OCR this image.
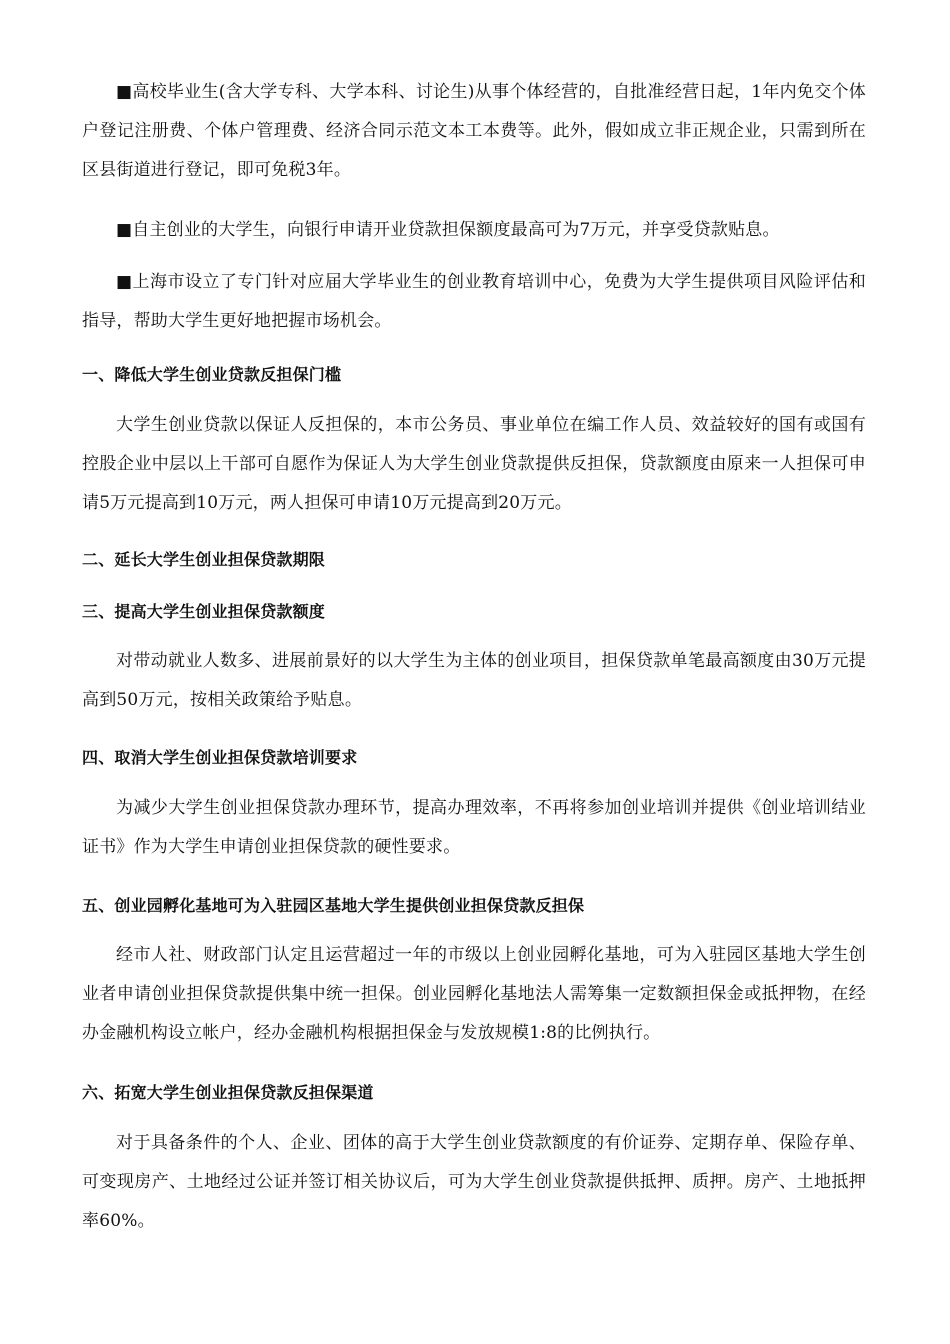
■高校毕业生(含大学专科、大学本科、讨论生)从事个体经营的，自批准经营日起，1年内免交个体户登记注册费、个体户管理费、经济合同示范文本工本费等。此外，假如成立非正规企业，只需到所在区县街道进行登记，即可免税3年。

■自主创业的大学生，向银行申请开业贷款担保额度最高可为7万元，并享受贷款贴息。

■上海市设立了专门针对应届大学毕业生的创业教育培训中心，免费为大学生提供项目风险评估和指导，帮助大学生更好地把握市场机会。

一、降低大学生创业贷款反担保门槛

大学生创业贷款以保证人反担保的，本市公务员、事业单位在编工作人员、效益较好的国有或国有控股企业中层以上干部可自愿作为保证人为大学生创业贷款提供反担保，贷款额度由原来一人担保可申请5万元提高到10万元，两人担保可申请10万元提高到20万元。

二、延长大学生创业担保贷款期限
三、提高大学生创业担保贷款额度

对带动就业人数多、进展前景好的以大学生为主体的创业项目，担保贷款单笔最高额度由30万元提高到50万元，按相关政策给予贴息。

四、取消大学生创业担保贷款培训要求

为减少大学生创业担保贷款办理环节，提高办理效率，不再将参加创业培训并提供《创业培训结业证书》作为大学生申请创业担保贷款的硬性要求。

五、创业园孵化基地可为入驻园区基地大学生提供创业担保贷款反担保

经市人社、财政部门认定且运营超过一年的市级以上创业园孵化基地，可为入驻园区基地大学生创业者申请创业担保贷款提供集中统一担保。创业园孵化基地法人需筹集一定数额担保金或抵押物，在经办金融机构设立帐户，经办金融机构根据担保金与发放规模1:8的比例执行。

六、拓宽大学生创业担保贷款反担保渠道

对于具备条件的个人、企业、团体的高于大学生创业贷款额度的有价证券、定期存单、保险存单、可变现房产、土地经过公证并签订相关协议后，可为大学生创业贷款提供抵押、质押。房产、土地抵押率60%。
